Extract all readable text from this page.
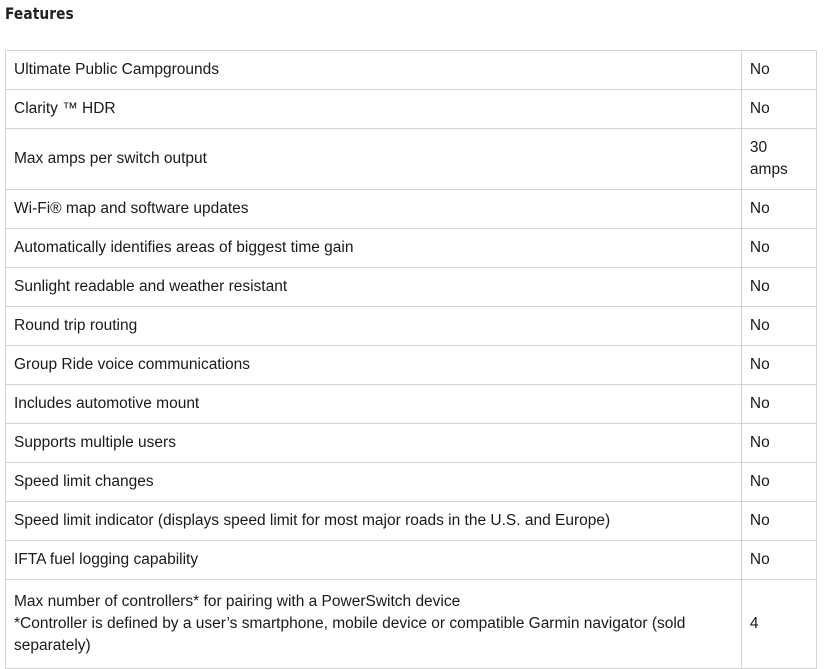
Features
Ultimate Public Campgrounds	No
Clarity ™ HDR	No
Max amps per switch output	30 amps
Wi-Fi® map and software updates	No
Automatically identifies areas of biggest time gain	No
Sunlight readable and weather resistant	No
Round trip routing	No
Group Ride voice communications	No
Includes automotive mount	No
Supports multiple users	No
Speed limit changes	No
Speed limit indicator (displays speed limit for most major roads in the U.S. and Europe)	No
IFTA fuel logging capability	No
Max number of controllers* for pairing with a PowerSwitch device
*Controller is defined by a user’s smartphone, mobile device or compatible Garmin navigator (sold separately)	4
